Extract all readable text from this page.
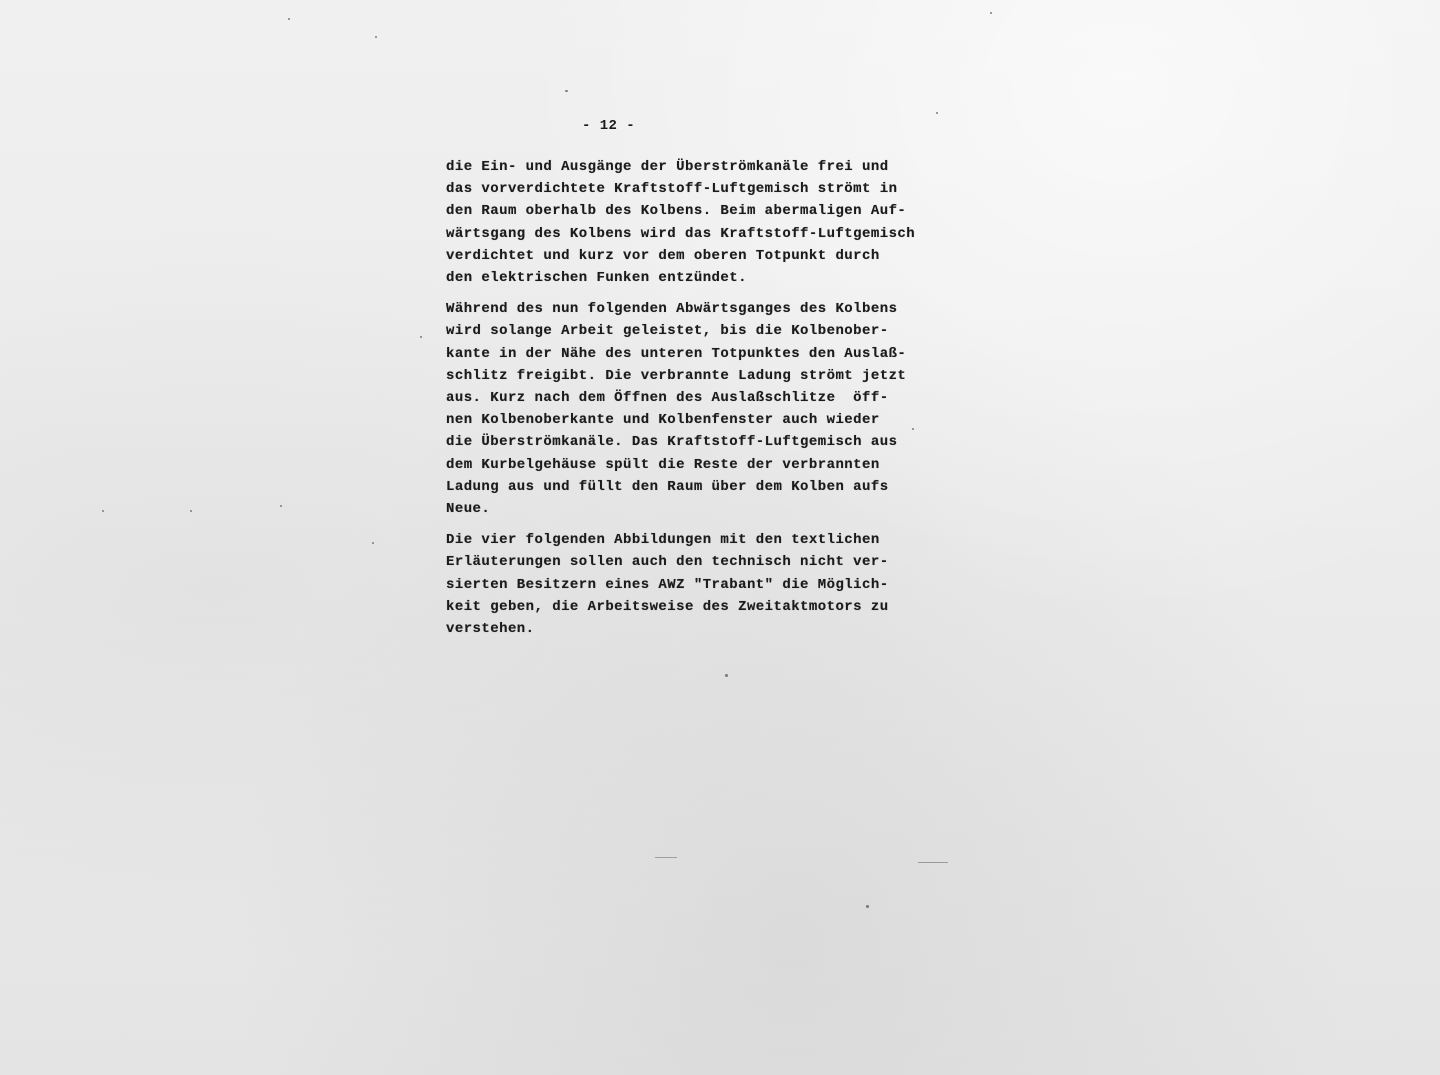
- 12 -
die Ein- und Ausgänge der Überströmkanäle frei und
das vorverdichtete Kraftstoff-Luftgemisch strömt in
den Raum oberhalb des Kolbens. Beim abermaligen Auf-
wärtsgang des Kolbens wird das Kraftstoff-Luftgemisch
verdichtet und kurz vor dem oberen Totpunkt durch
den elektrischen Funken entzündet.
Während des nun folgenden Abwärtsganges des Kolbens
wird solange Arbeit geleistet, bis die Kolbenober-
kante in der Nähe des unteren Totpunktes den Auslaß-
schlitz freigibt. Die verbrannte Ladung strömt jetzt
aus. Kurz nach dem Öffnen des Auslaßschlitze  öff-
nen Kolbenoberkante und Kolbenfenster auch wieder
die Überströmkanäle. Das Kraftstoff-Luftgemisch aus
dem Kurbelgehäuse spült die Reste der verbrannten
Ladung aus und füllt den Raum über dem Kolben aufs
Neue.
Die vier folgenden Abbildungen mit den textlichen
Erläuterungen sollen auch den technisch nicht ver-
sierten Besitzern eines AWZ "Trabant" die Möglich-
keit geben, die Arbeitsweise des Zweitaktmotors zu
verstehen.
